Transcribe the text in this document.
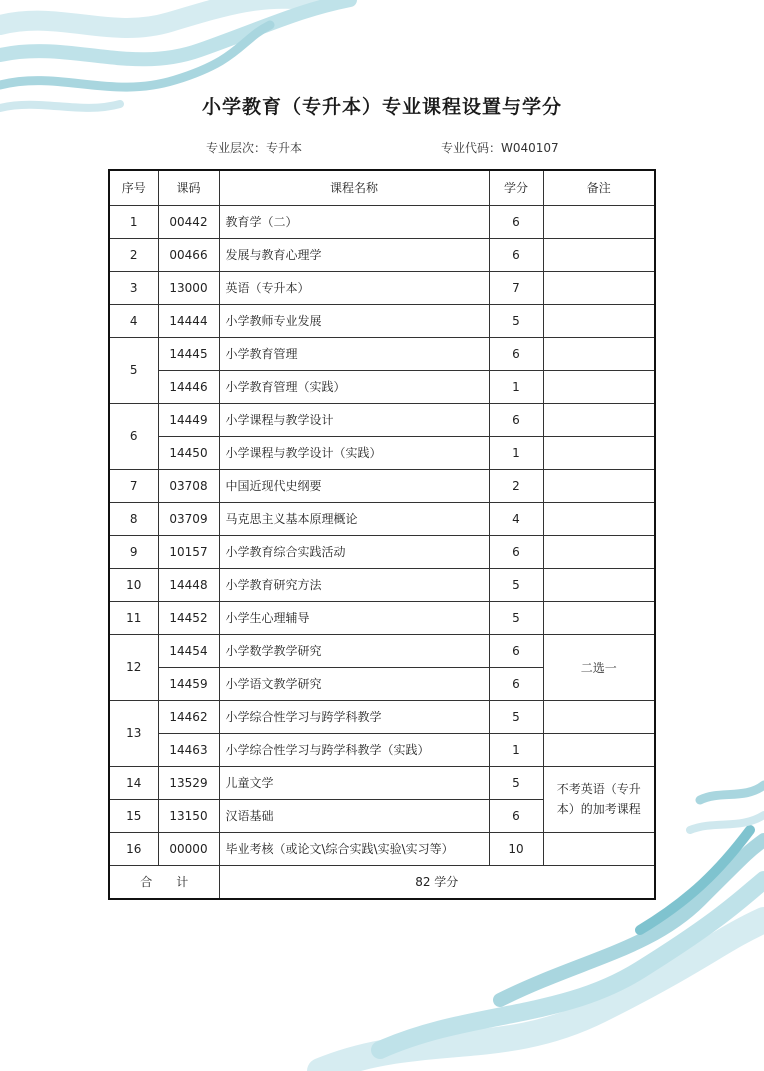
小学教育（专升本）专业课程设置与学分
专业层次：专升本	专业代码：W040107
序号	课码	课程名称	学分	备注
1	00442	教育学（二）	6	
2	00466	发展与教育心理学	6	
3	13000	英语（专升本）	7	
4	14444	小学教师专业发展	5	
5	14445	小学教育管理	6	
	14446	小学教育管理（实践）	1	
6	14449	小学课程与教学设计	6	
	14450	小学课程与教学设计（实践）	1	
7	03708	中国近现代史纲要	2	
8	03709	马克思主义基本原理概论	4	
9	10157	小学教育综合实践活动	6	
10	14448	小学教育研究方法	5	
11	14452	小学生心理辅导	5	
12	14454	小学数学教学研究	6	二选一
	14459	小学语文教学研究	6	
13	14462	小学综合性学习与跨学科教学	5	
	14463	小学综合性学习与跨学科教学（实践）	1	
14	13529	儿童文学	5	不考英语（专升本）的加考课程
15	13150	汉语基础	6	
16	00000	毕业考核（或论文\综合实践\实验\实习等）	10	
合　　计		82 学分		
